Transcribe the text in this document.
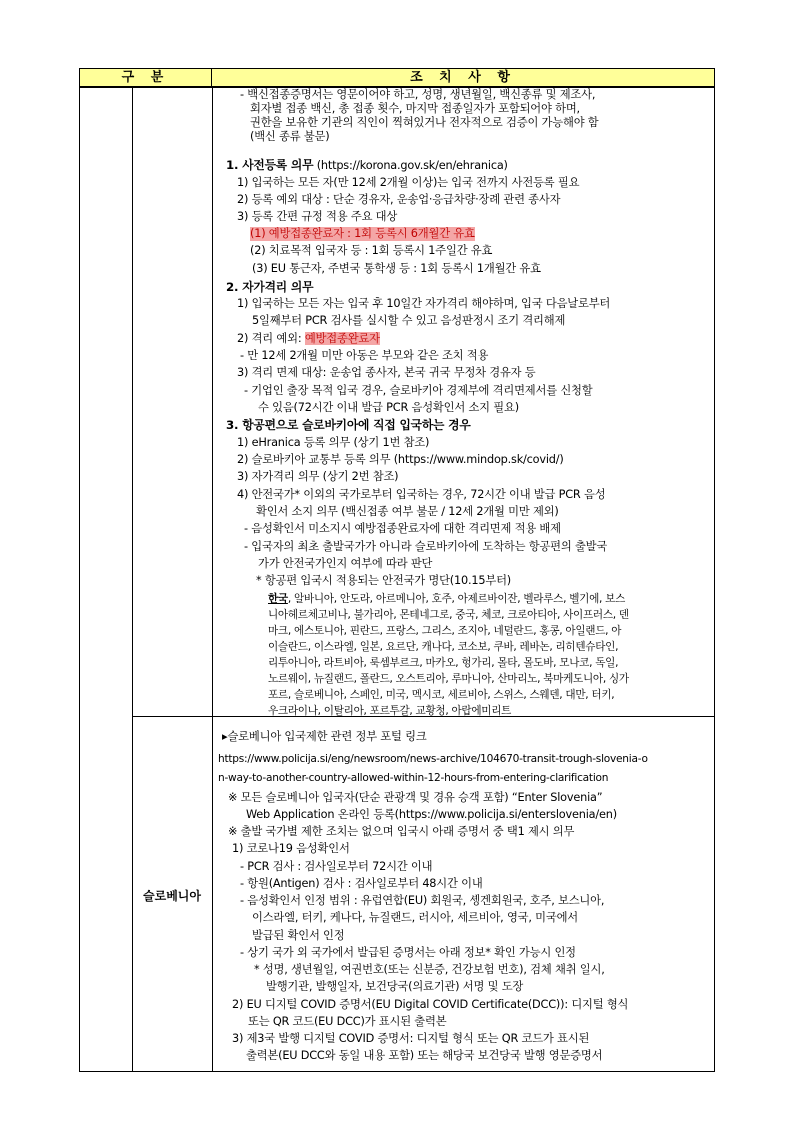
구 분	조 치 사 항
슬로베니아
- 백신접종증명서는 영문이어야 하고, 성명, 생년월일, 백신종류 및 제조사,
회자별 접종 백신, 총 접종 횟수, 마지막 접종일자가 포함되어야 하며,
권한을 보유한 기관의 직인이 찍혀있거나 전자적으로 검증이 가능해야 함
(백신 종류 불문)
1. 사전등록 의무 (https://korona.gov.sk/en/ehranica)
1) 입국하는 모든 자(만 12세 2개월 이상)는 입국 전까지 사전등록 필요
2) 등록 예외 대상 : 단순 경유자, 운송업·응급차량·장례 관련 종사자
3) 등록 간편 규정 적용 주요 대상
(1) 예방접종완료자 : 1회 등록시 6개월간 유효
(2) 치료목적 입국자 등 : 1회 등록시 1주일간 유효
(3) EU 통근자, 주변국 통학생 등 : 1회 등록시 1개월간 유효
2. 자가격리 의무
1) 입국하는 모든 자는 입국 후 10일간 자가격리 해야하며, 입국 다음날로부터
5일째부터 PCR 검사를 실시할 수 있고 음성판정시 조기 격리해제
2) 격리 예외: 예방접종완료자
- 만 12세 2개월 미만 아동은 부모와 같은 조치 적용
3) 격리 면제 대상: 운송업 종사자, 본국 귀국 무정차 경유자 등
- 기업인 출장 목적 입국 경우, 슬로바키아 경제부에 격리면제서를 신청할
수 있음(72시간 이내 발급 PCR 음성확인서 소지 필요)
3. 항공편으로 슬로바키아에 직접 입국하는 경우
1) eHranica 등록 의무 (상기 1번 참조)
2) 슬로바키아 교통부 등록 의무 (https://www.mindop.sk/covid/)
3) 자가격리 의무 (상기 2번 참조)
4) 안전국가* 이외의 국가로부터 입국하는 경우, 72시간 이내 발급 PCR 음성
확인서 소지 의무 (백신접종 여부 불문 / 12세 2개월 미만 제외)
- 음성확인서 미소지시 예방접종완료자에 대한 격리면제 적용 배제
- 입국자의 최초 출발국가가 아니라 슬로바키아에 도착하는 항공편의 출발국
가가 안전국가인지 여부에 따라 판단
* 항공편 입국시 적용되는 안전국가 명단(10.15부터)
한국, 알바니아, 안도라, 아르메니아, 호주, 아제르바이잔, 벨라루스, 벨기에, 보스
니아헤르체고비나, 불가리아, 몬테네그로, 중국, 체코, 크로아티아, 사이프러스, 덴
마크, 에스토니아, 핀란드, 프랑스, 그리스, 조지아, 네덜란드, 홍콩, 아일랜드, 아
이슬란드, 이스라엘, 일본, 요르단, 캐나다, 코소보, 쿠바, 레바논, 리히텐슈타인,
리투아니아, 라트비아, 룩셈부르크, 마카오, 헝가리, 몰타, 몰도바, 모나코, 독일,
노르웨이, 뉴질랜드, 폴란드, 오스트리아, 루마니아, 산마리노, 북마케도니아, 싱가
포르, 슬로베니아, 스페인, 미국, 멕시코, 세르비아, 스위스, 스웨덴, 대만, 터키,
우크라이나, 이탈리아, 포르투갈, 교황청, 아랍에미리트
▸슬로베니아 입국제한 관련 정부 포털 링크
https://www.policija.si/eng/newsroom/news-archive/104670-transit-trough-slovenia-o
n-way-to-another-country-allowed-within-12-hours-from-entering-clarification
※ 모든 슬로베니아 입국자(단순 관광객 및 경유 승객 포함) “Enter Slovenia”
Web Application 온라인 등록(https://www.policija.si/enterslovenia/en)
※ 출발 국가별 제한 조치는 없으며 입국시 아래 증명서 중 택1 제시 의무
1) 코로나19 음성확인서
- PCR 검사 : 검사일로부터 72시간 이내
- 항원(Antigen) 검사 : 검사일로부터 48시간 이내
- 음성확인서 인정 범위 : 유럽연합(EU) 회원국, 솅겐회원국, 호주, 보스니아,
이스라엘, 터키, 케나다, 뉴질랜드, 러시아, 세르비아, 영국, 미국에서
발급된 확인서 인정
- 상기 국가 외 국가에서 발급된 증명서는 아래 정보* 확인 가능시 인정
* 성명, 생년월일, 여권번호(또는 신분증, 건강보험 번호), 검체 채취 일시,
발행기관, 발행일자, 보건당국(의료기관) 서명 및 도장
2) EU 디지털 COVID 증명서(EU Digital COVID Certificate(DCC)): 디지털 형식
또는 QR 코드(EU DCC)가 표시된 출력본
3) 제3국 발행 디지털 COVID 증명서: 디지털 형식 또는 QR 코드가 표시된
출력본(EU DCC와 동일 내용 포함) 또는 해당국 보건당국 발행 영문증명서
